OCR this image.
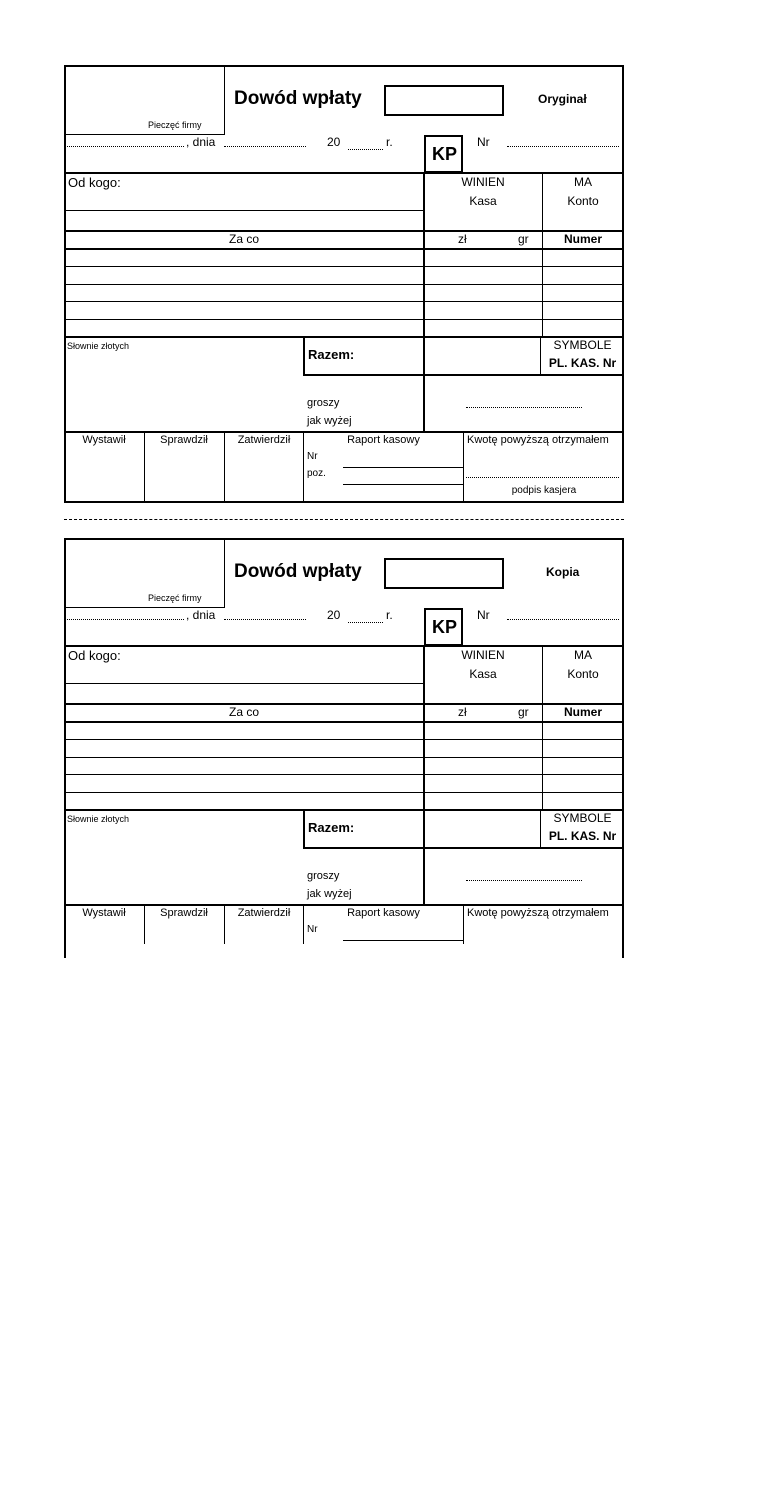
Pieczęć firmy
Dowód wpłaty	Oryginał
, dnia	20	r.
KP
Nr
Od kogo:	WINIEN
Kasa
MA
Konto
Za co	zł	gr	Numer
Słownie złotych
Razem:
SYMBOLE
PL. KAS. Nr
groszy
jak wyżej
Wystawił	Sprawdził	Zatwierdził	Raport kasowy
Nr
poz.
Kwotę powyższą otrzymałem
podpis kasjera
Pieczęć firmy
Dowód wpłaty	Kopia
, dnia	20	r.
KP
Nr
Od kogo:	WINIEN
Kasa
MA
Konto
Za co	zł	gr	Numer
Słownie złotych
Razem:
SYMBOLE
PL. KAS. Nr
groszy
jak wyżej
Wystawił	Sprawdził	Zatwierdził	Raport kasowy
Nr
Kwotę powyższą otrzymałem
